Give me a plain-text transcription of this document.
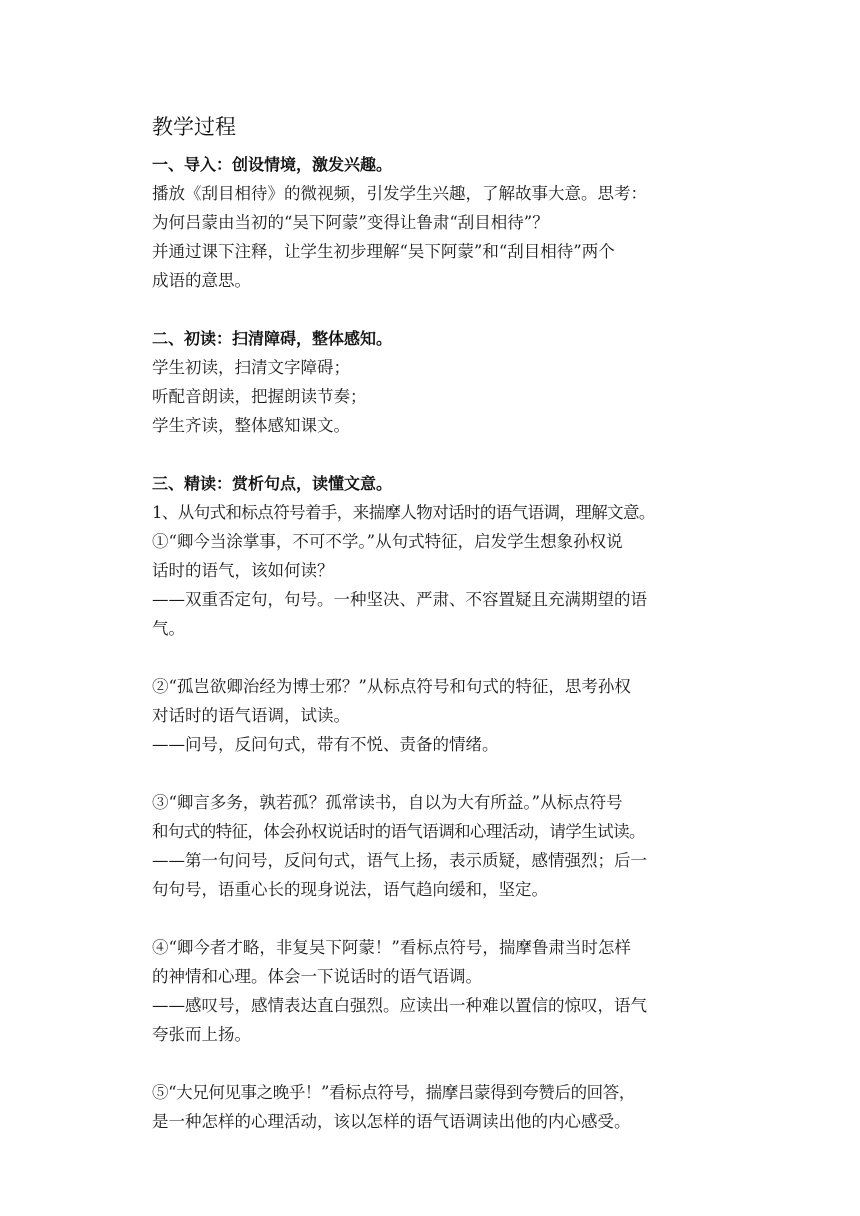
教学过程
一、导入：创设情境，激发兴趣。
播放《刮目相待》的微视频，引发学生兴趣，了解故事大意。思考：
为何吕蒙由当初的“吴下阿蒙”变得让鲁肃“刮目相待”？
并通过课下注释，让学生初步理解“吴下阿蒙”和“刮目相待”两个
成语的意思。
二、初读：扫清障碍，整体感知。
学生初读，扫清文字障碍；
听配音朗读，把握朗读节奏；
学生齐读，整体感知课文。
三、精读：赏析句点，读懂文意。
1、从句式和标点符号着手，来揣摩人物对话时的语气语调，理解文意。
①“卿今当涂掌事，不可不学。”从句式特征，启发学生想象孙权说
话时的语气，该如何读？
——双重否定句，句号。一种坚决、严肃、不容置疑且充满期望的语
气。
②“孤岂欲卿治经为博士邪？”从标点符号和句式的特征，思考孙权
对话时的语气语调，试读。
——问号，反问句式，带有不悦、责备的情绪。
③“卿言多务，孰若孤？孤常读书，自以为大有所益。”从标点符号
和句式的特征，体会孙权说话时的语气语调和心理活动，请学生试读。
——第一句问号，反问句式，语气上扬，表示质疑，感情强烈；后一
句句号，语重心长的现身说法，语气趋向缓和，坚定。
④“卿今者才略，非复吴下阿蒙！”看标点符号，揣摩鲁肃当时怎样
的神情和心理。体会一下说话时的语气语调。
——感叹号，感情表达直白强烈。应读出一种难以置信的惊叹，语气
夸张而上扬。
⑤“大兄何见事之晚乎！”看标点符号，揣摩吕蒙得到夸赞后的回答，
是一种怎样的心理活动，该以怎样的语气语调读出他的内心感受。
